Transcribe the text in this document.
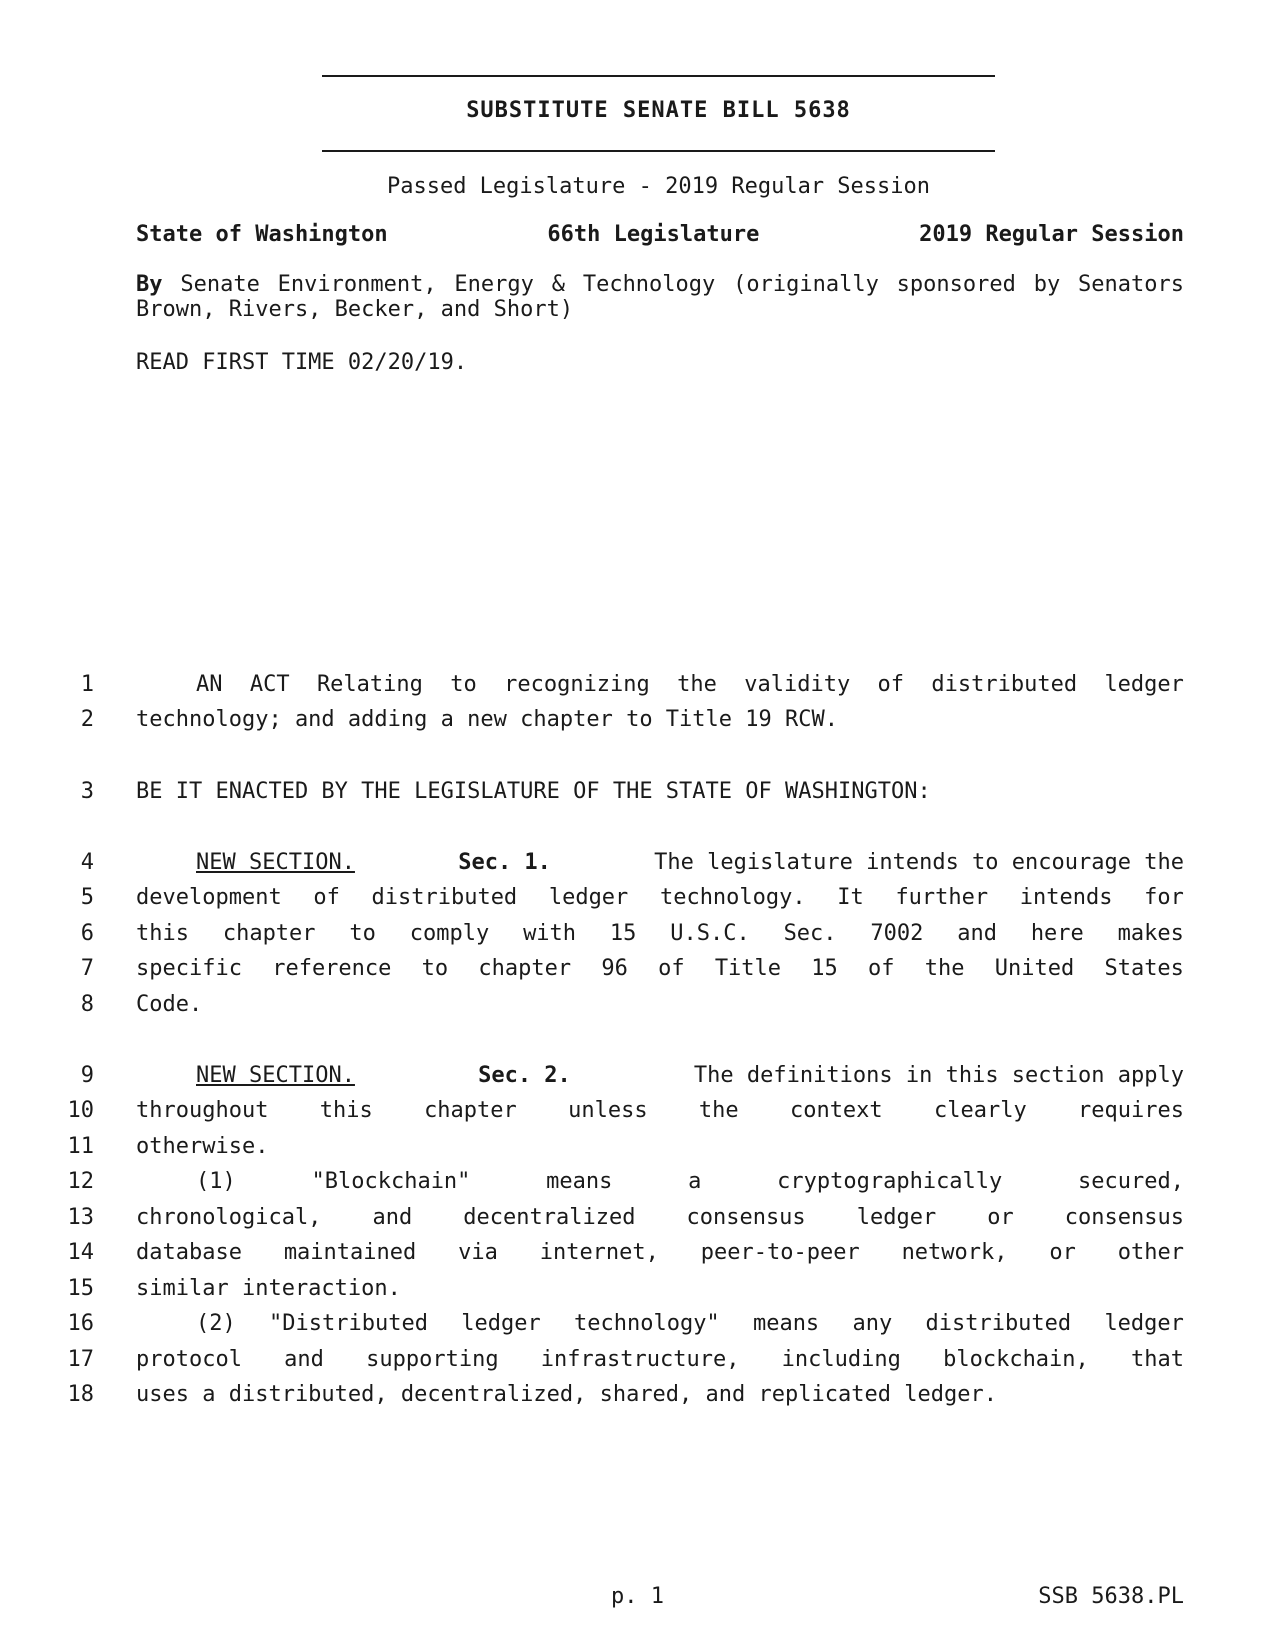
SUBSTITUTE SENATE BILL 5638
Passed Legislature - 2019 Regular Session
State of Washington	66th Legislature	2019 Regular Session
By Senate Environment, Energy & Technology (originally sponsored by Senators Brown, Rivers, Becker, and Short)
READ FIRST TIME 02/20/19.
1	AN ACT Relating to recognizing the validity of distributed ledger
2 technology; and adding a new chapter to Title 19 RCW.
3 BE IT ENACTED BY THE LEGISLATURE OF THE STATE OF WASHINGTON:
4	NEW SECTION.	Sec. 1.	The legislature intends to encourage the
5 development of distributed ledger technology. It further intends for
6 this chapter to comply with 15 U.S.C. Sec. 7002 and here makes
7 specific reference to chapter 96 of Title 15 of the United States
8 Code.
9	NEW SECTION.	Sec. 2.	The definitions in this section apply
10 throughout this chapter unless the context clearly requires
11 otherwise.
12	(1)	"Blockchain"	means	a	cryptographically	secured,
13 chronological, and decentralized consensus ledger or consensus
14 database maintained via internet, peer-to-peer network, or other
15 similar interaction.
16	(2) "Distributed ledger technology" means any distributed ledger
17 protocol and supporting infrastructure, including blockchain, that
18 uses a distributed, decentralized, shared, and replicated ledger.
p. 1	SSB 5638.PL
